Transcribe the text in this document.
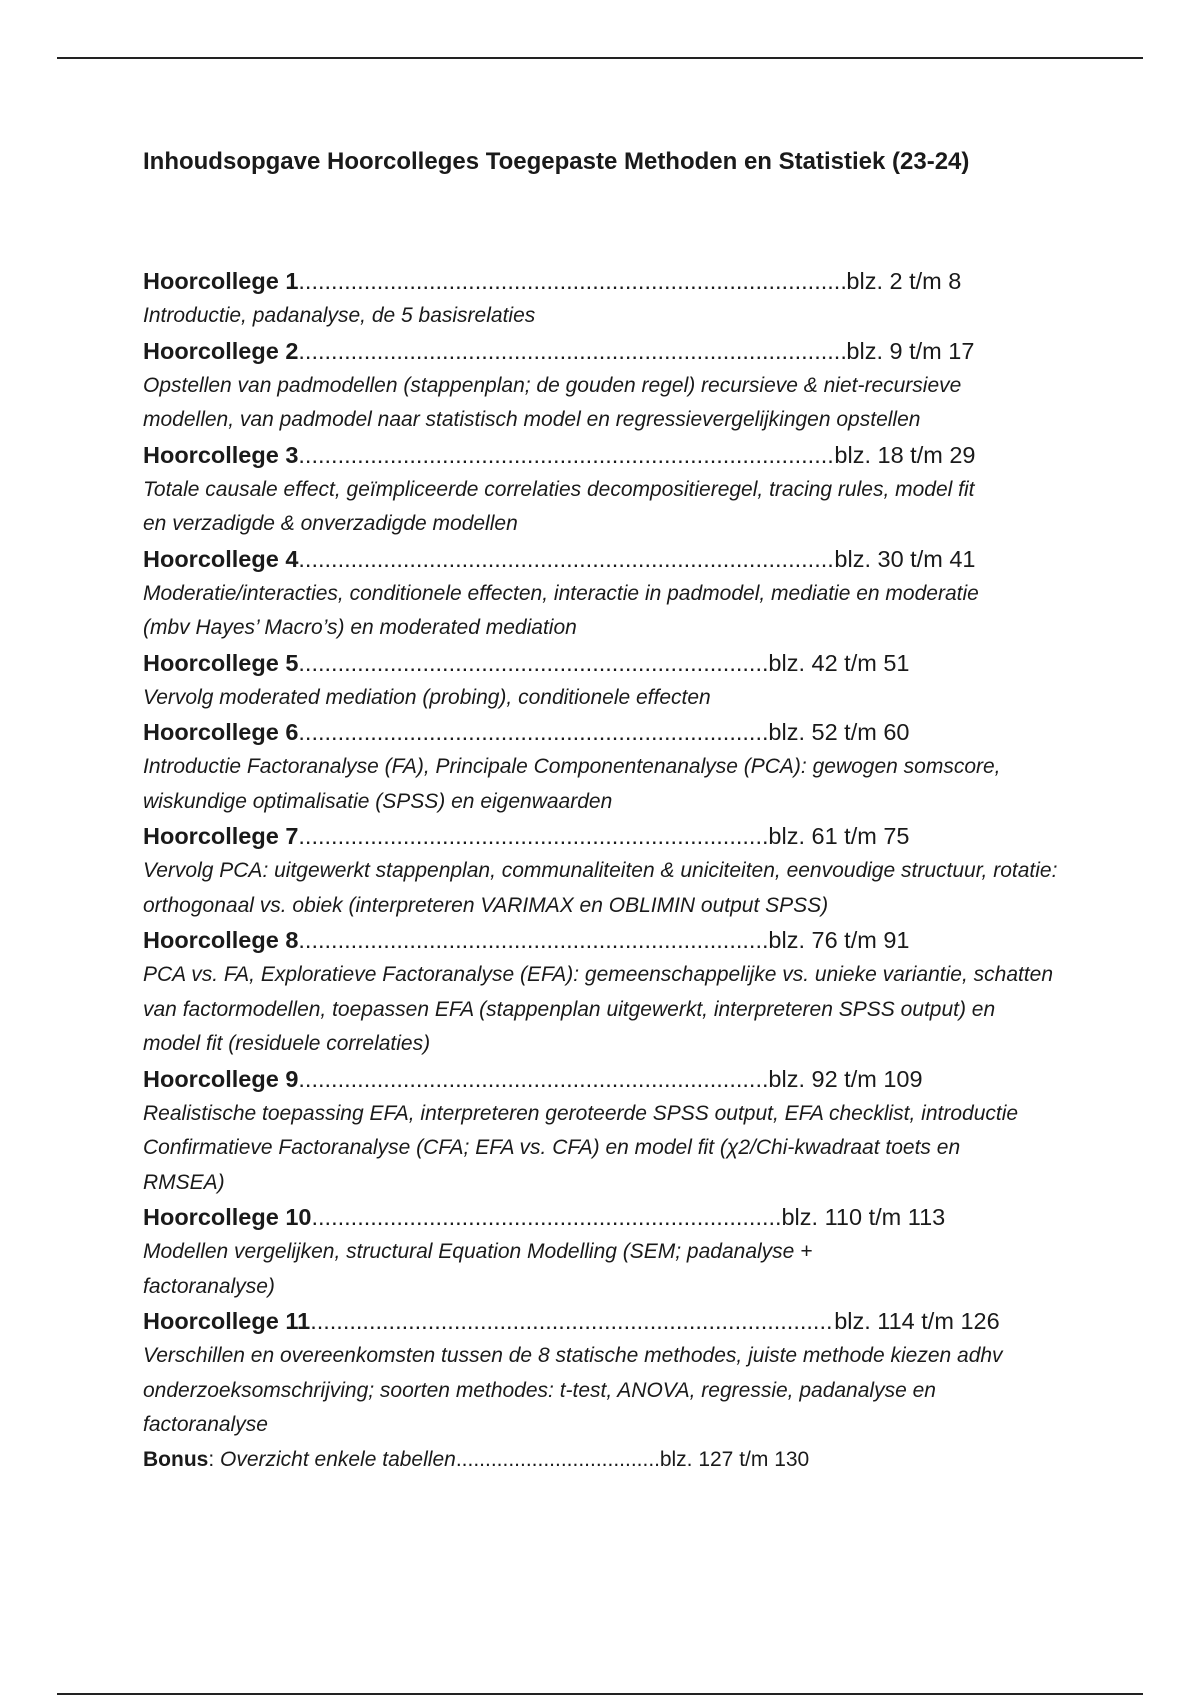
Inhoudsopgave Hoorcolleges Toegepaste Methoden en Statistiek (23-24)
Hoorcollege 1 .....	blz. 2 t/m 8

Introductie, padanalyse, de 5 basisrelaties

Hoorcollege 2 .....	blz. 9 t/m 17

Opstellen van padmodellen (stappenplan; de gouden regel) recursieve & niet-recursieve modellen, van padmodel naar statistisch model en regressievergelijkingen opstellen

Hoorcollege 3 .....	blz. 18 t/m 29

Totale causale effect, geïmpliceerde correlaties decompositieregel, tracing rules, model fit en verzadigde & onverzadigde modellen

Hoorcollege 4 .....	blz. 30 t/m 41

Moderatie/interacties, conditionele effecten, interactie in padmodel, mediatie en moderatie (mbv Hayes’ Macro’s) en moderated mediation

Hoorcollege 5 .....	blz. 42 t/m 51

Vervolg moderated mediation (probing), conditionele effecten

Hoorcollege 6 .....	blz. 52 t/m 60

Introductie Factoranalyse (FA), Principale Componentenanalyse (PCA): gewogen somscore, wiskundige optimalisatie (SPSS) en eigenwaarden

Hoorcollege 7 .....	blz. 61 t/m 75

Vervolg PCA: uitgewerkt stappenplan, communaliteiten & uniciteiten, eenvoudige structuur, rotatie: orthogonaal vs. obiek (interpreteren VARIMAX en OBLIMIN output SPSS)

Hoorcollege 8 .....	blz. 76 t/m 91

PCA vs. FA, Exploratieve Factoranalyse (EFA): gemeenschappelijke vs. unieke variantie, schatten van factormodellen, toepassen EFA (stappenplan uitgewerkt, interpreteren SPSS output) en model fit (residuele correlaties)

Hoorcollege 9 .....	blz. 92 t/m 109

Realistische toepassing EFA, interpreteren geroteerde SPSS output, EFA checklist, introductie Confirmatieve Factoranalyse (CFA; EFA vs. CFA) en model fit (χ2/Chi-kwadraat toets en RMSEA)

Hoorcollege 10 .....	blz. 110 t/m 113

Modellen vergelijken, structural Equation Modelling (SEM; padanalyse + factoranalyse)

Hoorcollege 11 .....	blz. 114 t/m 126

Verschillen en overeenkomsten tussen de 8 statische methodes, juiste methode kiezen adhv onderzoeksomschrijving; soorten methodes: t-test, ANOVA, regressie, padanalyse en factoranalyse

Bonus : Overzicht enkele tabellen .....	blz. 127 t/m 130
